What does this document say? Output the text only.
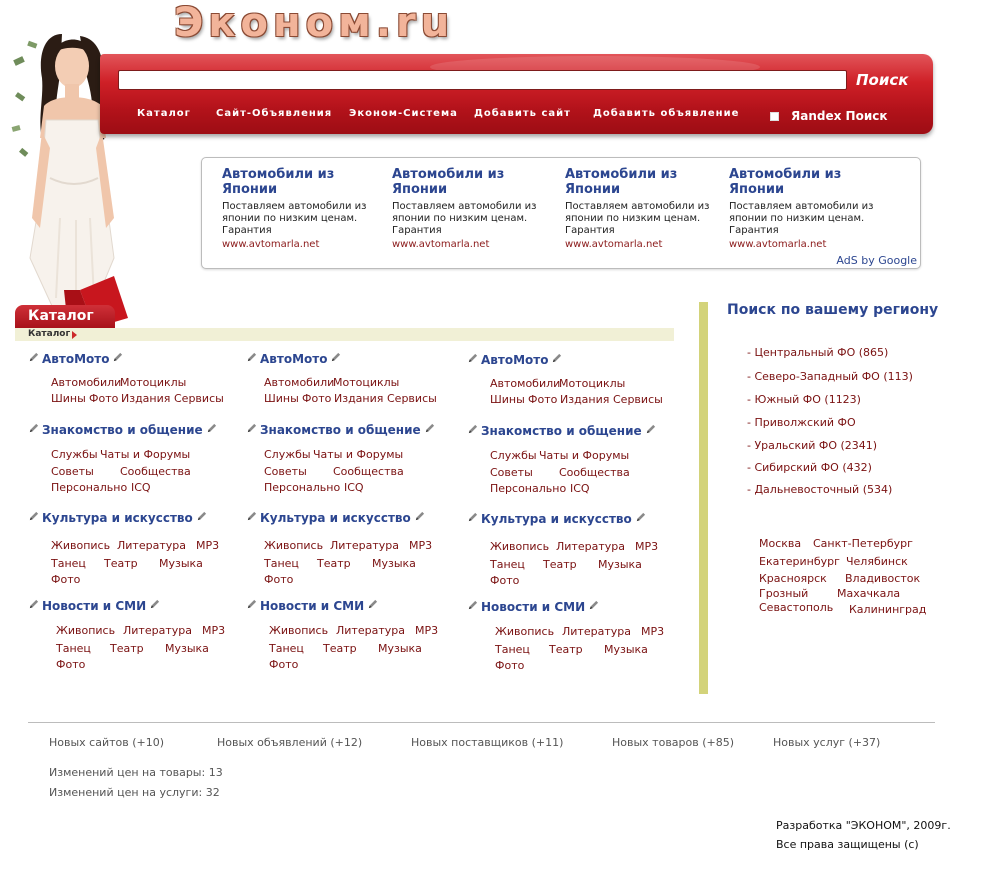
Эконом.ru
Поиск
Каталог	Сайт-Объявления Эконом-Система Добавить сайт Добавить объявление	Яandex Поиск
Автомобили из Японии
Поставляем автомобили из японии по низким ценам. Гарантия
www.avtomarla.net
Автомобили из Японии
Поставляем автомобили из японии по низким ценам. Гарантия
www.avtomarla.net
Автомобили из Японии
Поставляем автомобили из японии по низким ценам. Гарантия
www.avtomarla.net
Автомобили из Японии
Поставляем автомобили из японии по низким ценам. Гарантия
www.avtomarla.net
AdS by Google
Каталог
Каталог
АвтоМото
Автомобили
Мотоциклы
Шины Фото Издания Сервисы
Знакомство и общение
Службы Чаты и Форумы
Советы Сообщества
Персонально ICQ
Культура и искусство
Живопись Литература MP3
Танец Театр Музыка
Фото
Новости и СМИ
Живопись Литература MP3
Танец Театр Музыка
Фото
АвтоМото
Автомобили
Мотоциклы
Шины Фото Издания Сервисы
Знакомство и общение
Службы Чаты и Форумы
Советы Сообщества
Персонально ICQ
Культура и искусство
Живопись Литература MP3
Танец Театр Музыка
Фото
Новости и СМИ
Живопись Литература MP3
Танец Театр Музыка
Фото
АвтоМото
Автомобили
Мотоциклы
Шины Фото Издания Сервисы
Знакомство и общение
Службы Чаты и Форумы
Советы Сообщества
Персонально ICQ
Культура и искусство
Живопись Литература MP3
Танец Театр Музыка
Фото
Новости и СМИ
Живопись Литература MP3
Танец Театр Музыка
Фото
Поиск по вашему региону
- Центральный ФО (865)
- Северо-Западный ФО (113)
- Южный ФО (1123)
- Приволжский ФО
- Уральский ФО (2341)
- Сибирский ФО (432)
- Дальневосточный (534)
Москва Санкт-Петербург
Екатеринбург Челябинск
Красноярск Владивосток
Грозный	Махачкала
Севастополь Калининград
Новых сайтов (+10)	Новых объявлений (+12)	Новых поставщиков (+11)	Новых товаров (+85)	Новых услуг (+37)
Изменений цен на товары: 13
Изменений цен на услуги: 32
Разработка "ЭКОНОМ", 2009г.
Все права защищены (с)
